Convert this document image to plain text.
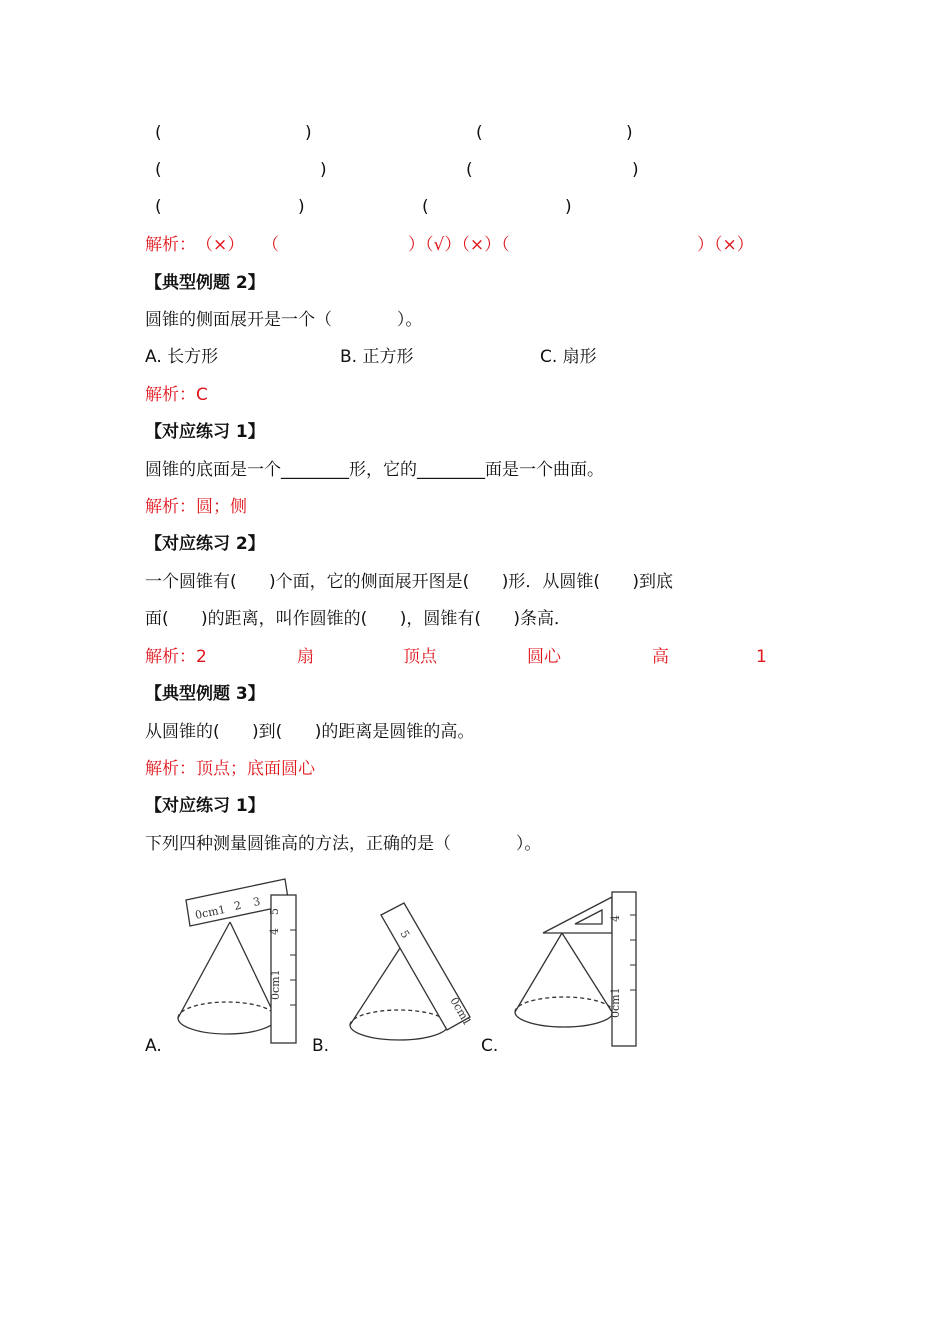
(	)	(	)
(	)	(	)
(	)	(	)
解析： （×） （	）（√）（×）（	）（×）
【典型例题 2】
圆锥的侧面展开是一个（            ）。
A. 长方形	B. 正方形	C. 扇形
解析：C
【对应练习 1】
圆锥的底面是一个________形，它的________面是一个曲面。
解析：圆；侧
【对应练习 2】
一个圆锥有(      )个面，它的侧面展开图是(      )形．从圆锥(      )到底
面(      )的距离，叫作圆锥的(      )，圆锥有(      )条高．
解析：2	扇	顶点	圆心	高	1
【典型例题 3】
从圆锥的(      )到(      )的距离是圆锥的高。
解析：顶点；底面圆心
【对应练习 1】
下列四种测量圆锥高的方法，正确的是（            ）。
0cm1 2 3
0cm1
4
5
0cm1
5
0cm1
4
A.	B.	C.
